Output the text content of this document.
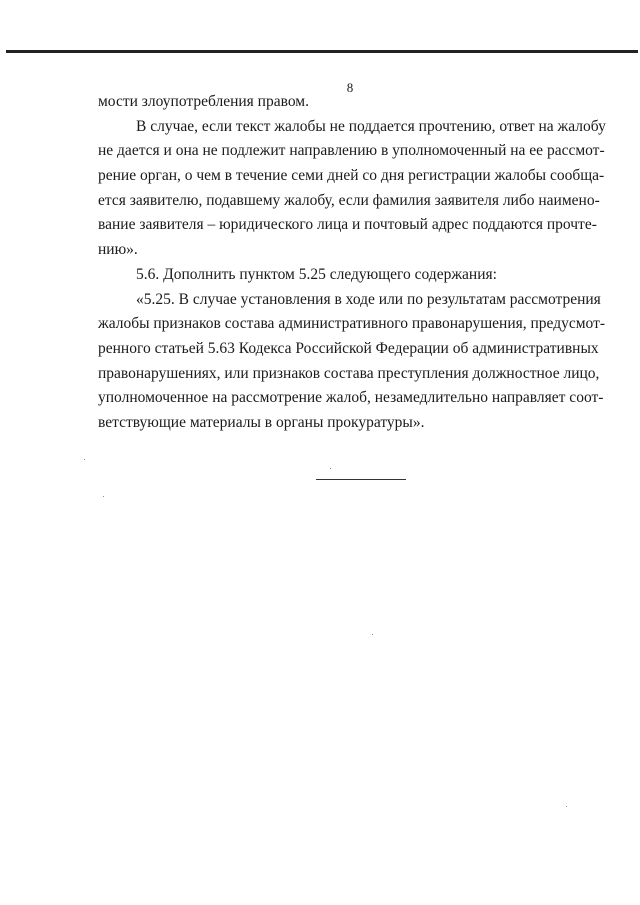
8
мости злоупотребления правом.
В случае, если текст жалобы не поддается прочтению, ответ на жалобу
не дается и она не подлежит направлению в уполномоченный на ее рассмот-
рение орган, о чем в течение семи дней со дня регистрации жалобы сообща-
ется заявителю, подавшему жалобу, если фамилия заявителя либо наимено-
вание заявителя – юридического лица и почтовый адрес поддаются прочте-
нию».
5.6. Дополнить пунктом 5.25 следующего содержания:
«5.25. В случае установления в ходе или по результатам рассмотрения
жалобы признаков состава административного правонарушения, предусмот-
ренного статьей 5.63 Кодекса Российской Федерации об административных
правонарушениях, или признаков состава преступления должностное лицо,
уполномоченное на рассмотрение жалоб, незамедлительно направляет соот-
ветствующие материалы в органы прокуратуры».
